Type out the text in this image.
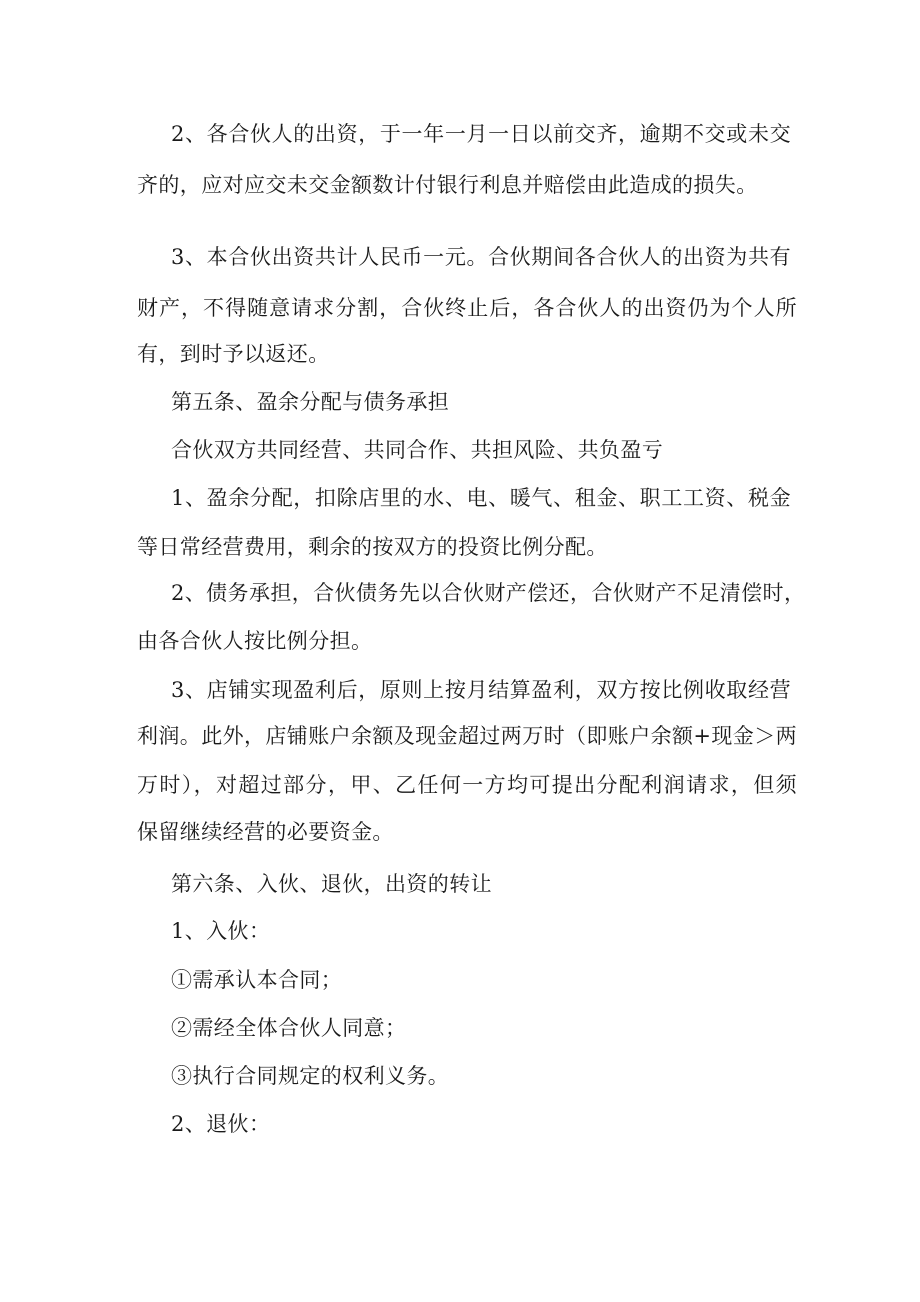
2、各合伙人的出资，于一年一月一日以前交齐，逾期不交或未交
齐的，应对应交未交金额数计付银行利息并赔偿由此造成的损失。
3、本合伙出资共计人民币一元。合伙期间各合伙人的出资为共有
财产，不得随意请求分割，合伙终止后，各合伙人的出资仍为个人所
有，到时予以返还。
第五条、盈余分配与债务承担
合伙双方共同经营、共同合作、共担风险、共负盈亏
1、盈余分配，扣除店里的水、电、暖气、租金、职工工资、税金
等日常经营费用，剩余的按双方的投资比例分配。
2、债务承担，合伙债务先以合伙财产偿还，合伙财产不足清偿时，
由各合伙人按比例分担。
3、店铺实现盈利后，原则上按月结算盈利，双方按比例收取经营
利润。此外，店铺账户余额及现金超过两万时（即账户余额+现金＞两
万时），对超过部分，甲、乙任何一方均可提出分配利润请求，但须
保留继续经营的必要资金。
第六条、入伙、退伙，出资的转让
1、入伙：
①需承认本合同；
②需经全体合伙人同意；
③执行合同规定的权利义务。
2、退伙：
